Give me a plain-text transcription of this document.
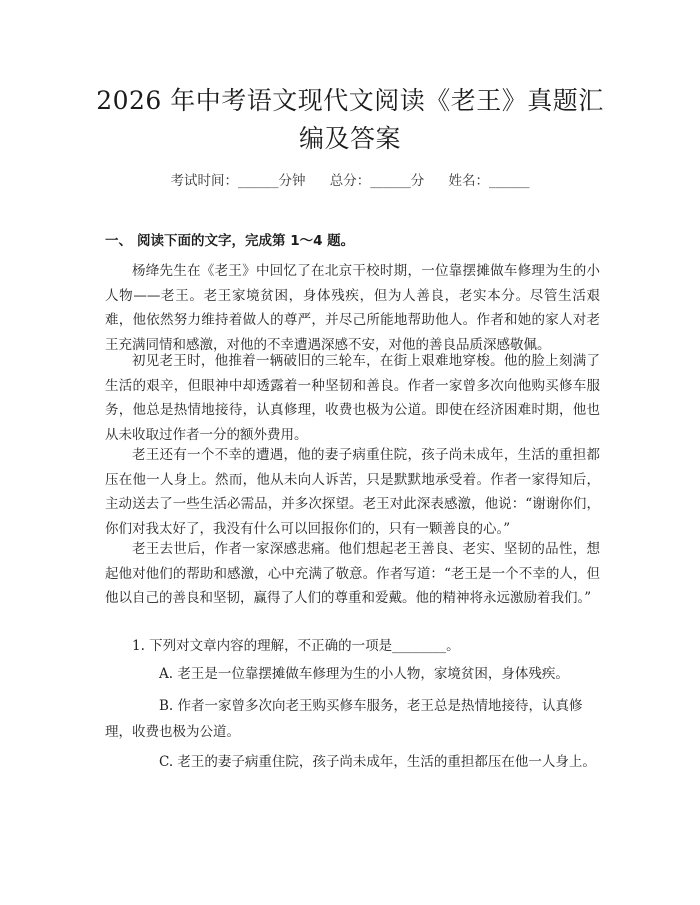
2026 年中考语文现代文阅读《老王》真题汇
编及答案
考试时间：______分钟 总分：______分 姓名：______
一、 阅读下面的文字，完成第 1～4 题。

杨绛先生在《老王》中回忆了在北京干校时期，一位靠摆摊做车修理为生的小人物——老王。老王家境贫困，身体残疾，但为人善良，老实本分。尽管生活艰难，他依然努力维持着做人的尊严，并尽己所能地帮助他人。作者和她的家人对老王充满同情和感激，对他的不幸遭遇深感不安，对他的善良品质深感敬佩。

初见老王时，他推着一辆破旧的三轮车，在街上艰难地穿梭。他的脸上刻满了生活的艰辛，但眼神中却透露着一种坚韧和善良。作者一家曾多次向他购买修车服务，他总是热情地接待，认真修理，收费也极为公道。即使在经济困难时期，他也从未收取过作者一分的额外费用。

老王还有一个不幸的遭遇，他的妻子病重住院，孩子尚未成年，生活的重担都压在他一人身上。然而，他从未向人诉苦，只是默默地承受着。作者一家得知后，主动送去了一些生活必需品，并多次探望。老王对此深表感激，他说：“谢谢你们，你们对我太好了，我没有什么可以回报你们的，只有一颗善良的心。”

老王去世后，作者一家深感悲痛。他们想起老王善良、老实、坚韧的品性，想起他对他们的帮助和感激，心中充满了敬意。作者写道：“老王是一个不幸的人，但他以自己的善良和坚韧，赢得了人们的尊重和爱戴。他的精神将永远激励着我们。”

1. 下列对文章内容的理解，不正确的一项是________。

A. 老王是一位靠摆摊做车修理为生的小人物，家境贫困，身体残疾。

B. 作者一家曾多次向老王购买修车服务，老王总是热情地接待，认真修理，收费也极为公道。

C. 老王的妻子病重住院，孩子尚未成年，生活的重担都压在他一人身上。
